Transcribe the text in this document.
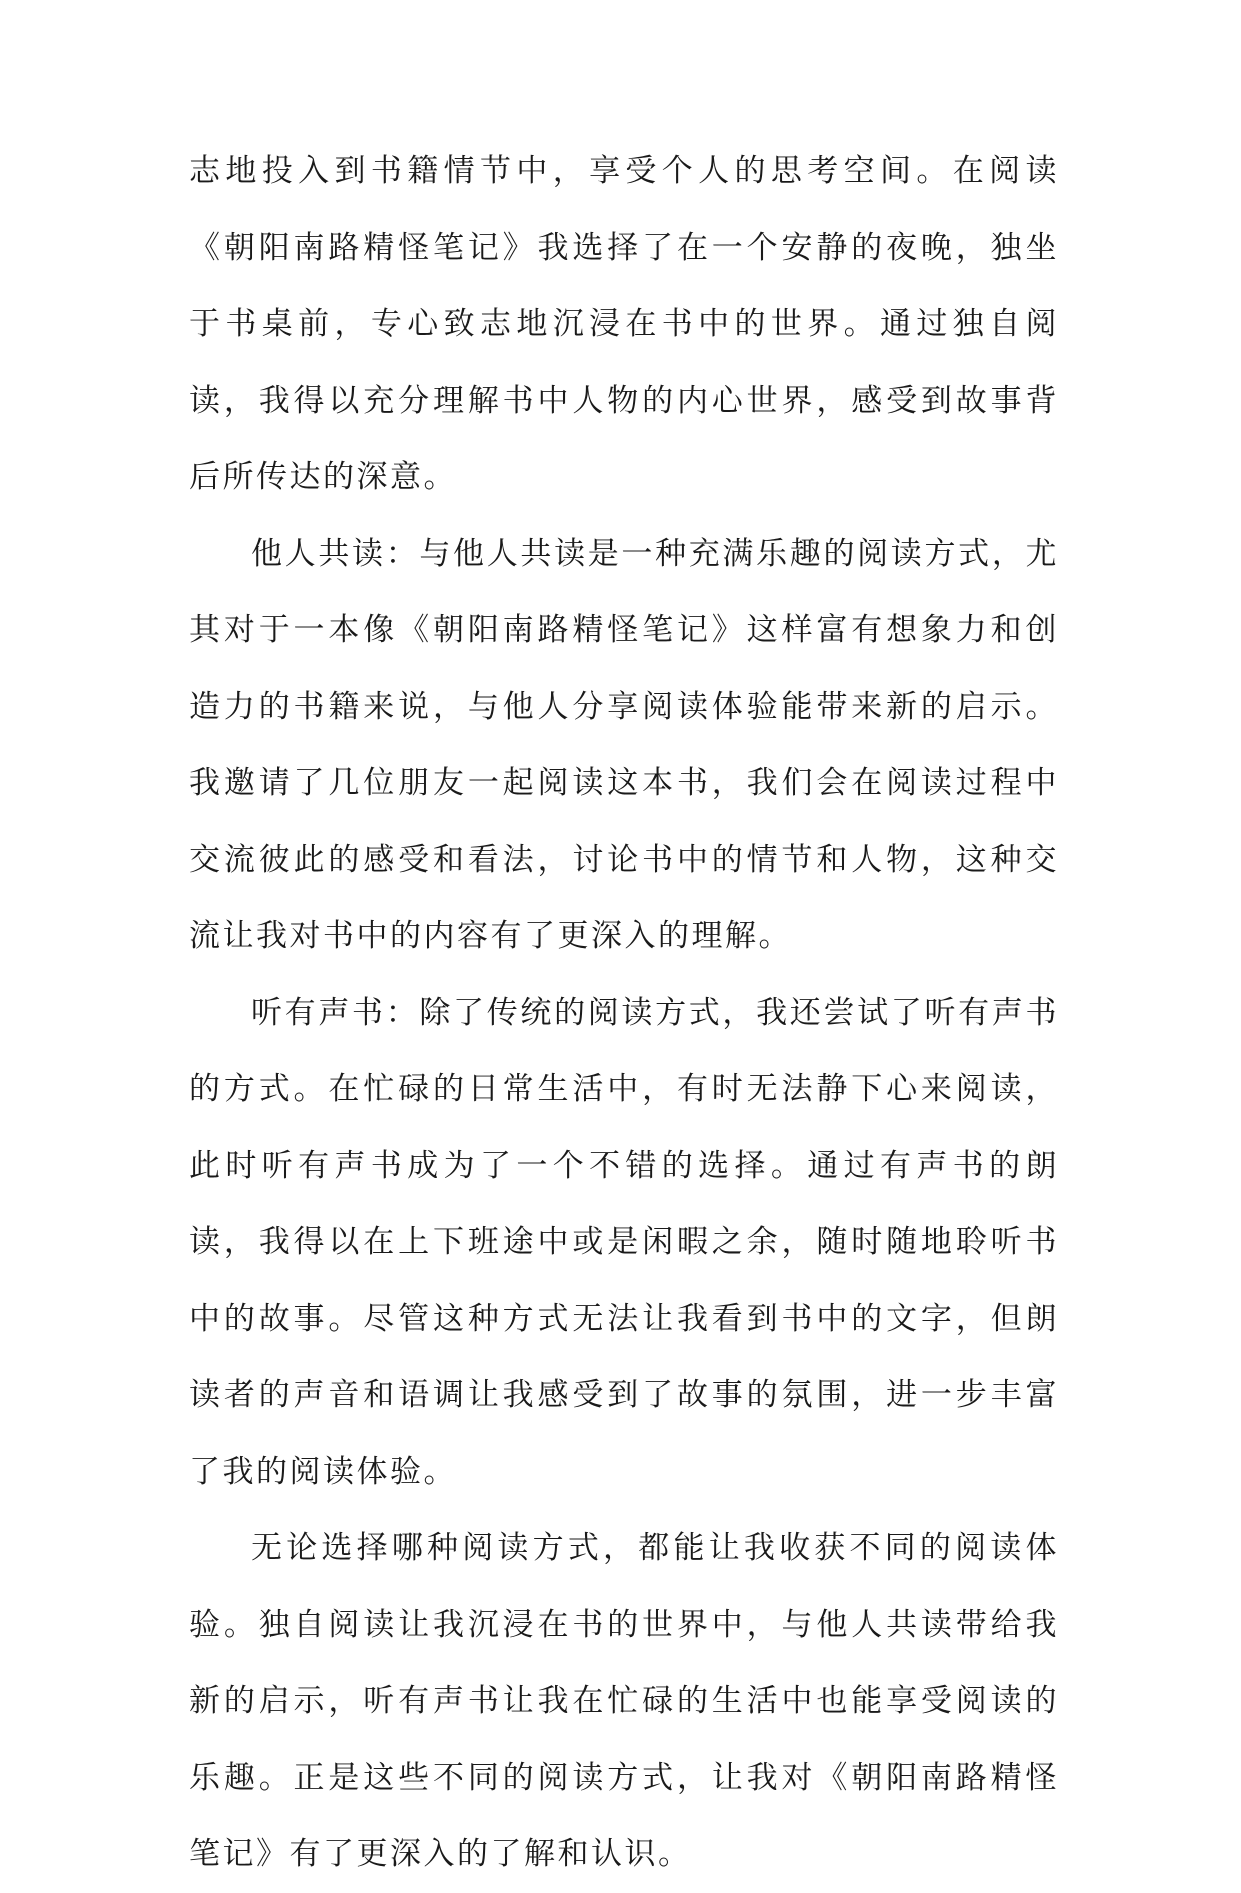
志地投入到书籍情节中，享受个人的思考空间。在阅读《朝阳南路精怪笔记》我选择了在一个安静的夜晚，独坐于书桌前，专心致志地沉浸在书中的世界。通过独自阅读，我得以充分理解书中人物的内心世界，感受到故事背后所传达的深意。

他人共读：与他人共读是一种充满乐趣的阅读方式，尤其对于一本像《朝阳南路精怪笔记》这样富有想象力和创造力的书籍来说，与他人分享阅读体验能带来新的启示。我邀请了几位朋友一起阅读这本书，我们会在阅读过程中交流彼此的感受和看法，讨论书中的情节和人物，这种交流让我对书中的内容有了更深入的理解。

听有声书：除了传统的阅读方式，我还尝试了听有声书的方式。在忙碌的日常生活中，有时无法静下心来阅读，此时听有声书成为了一个不错的选择。通过有声书的朗读，我得以在上下班途中或是闲暇之余，随时随地聆听书中的故事。尽管这种方式无法让我看到书中的文字，但朗读者的声音和语调让我感受到了故事的氛围，进一步丰富了我的阅读体验。

无论选择哪种阅读方式，都能让我收获不同的阅读体验。独自阅读让我沉浸在书的世界中，与他人共读带给我新的启示，听有声书让我在忙碌的生活中也能享受阅读的乐趣。正是这些不同的阅读方式，让我对《朝阳南路精怪笔记》有了更深入的了解和认识。
